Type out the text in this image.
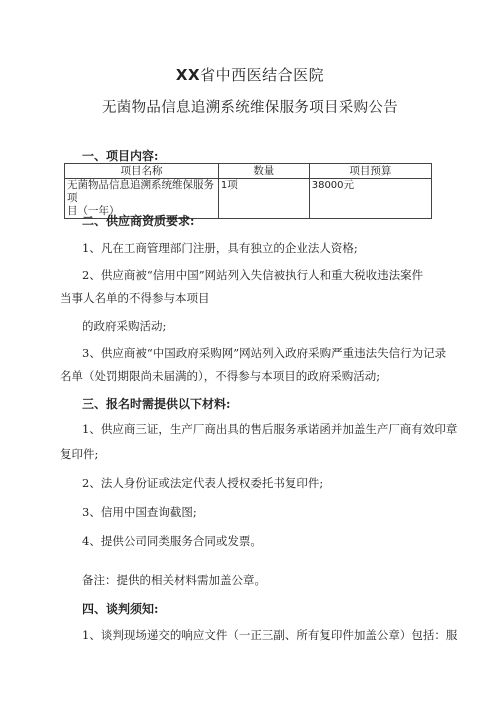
XX省中西医结合医院
无菌物品信息追溯系统维保服务项目采购公告
一、项目内容:
项目名称	数量	项目预算
无菌物品信息追溯系统维保服务项
目（一年）	1项	38000元
二、供应商资质要求:
1、凡在工商管理部门注册，具有独立的企业法人资格;
2、供应商被“信用中国”网站列入失信被执行人和重大税收违法案件
当事人名单的不得参与本项目
的政府采购活动;
3、供应商被“中国政府采购网”网站列入政府采购严重违法失信行为记录
名单（处罚期限尚未届满的），不得参与本项目的政府采购活动;
三、报名时需提供以下材料:
1、供应商三证，生产厂商出具的售后服务承诺函并加盖生产厂商有效印章
复印件;
2、法人身份证或法定代表人授权委托书复印件;
3、信用中国查询截图;
4、提供公司同类服务合同或发票。
备注：提供的相关材料需加盖公章。
四、谈判须知:
1、谈判现场递交的响应文件（一正三副、所有复印件加盖公章）包括：服
